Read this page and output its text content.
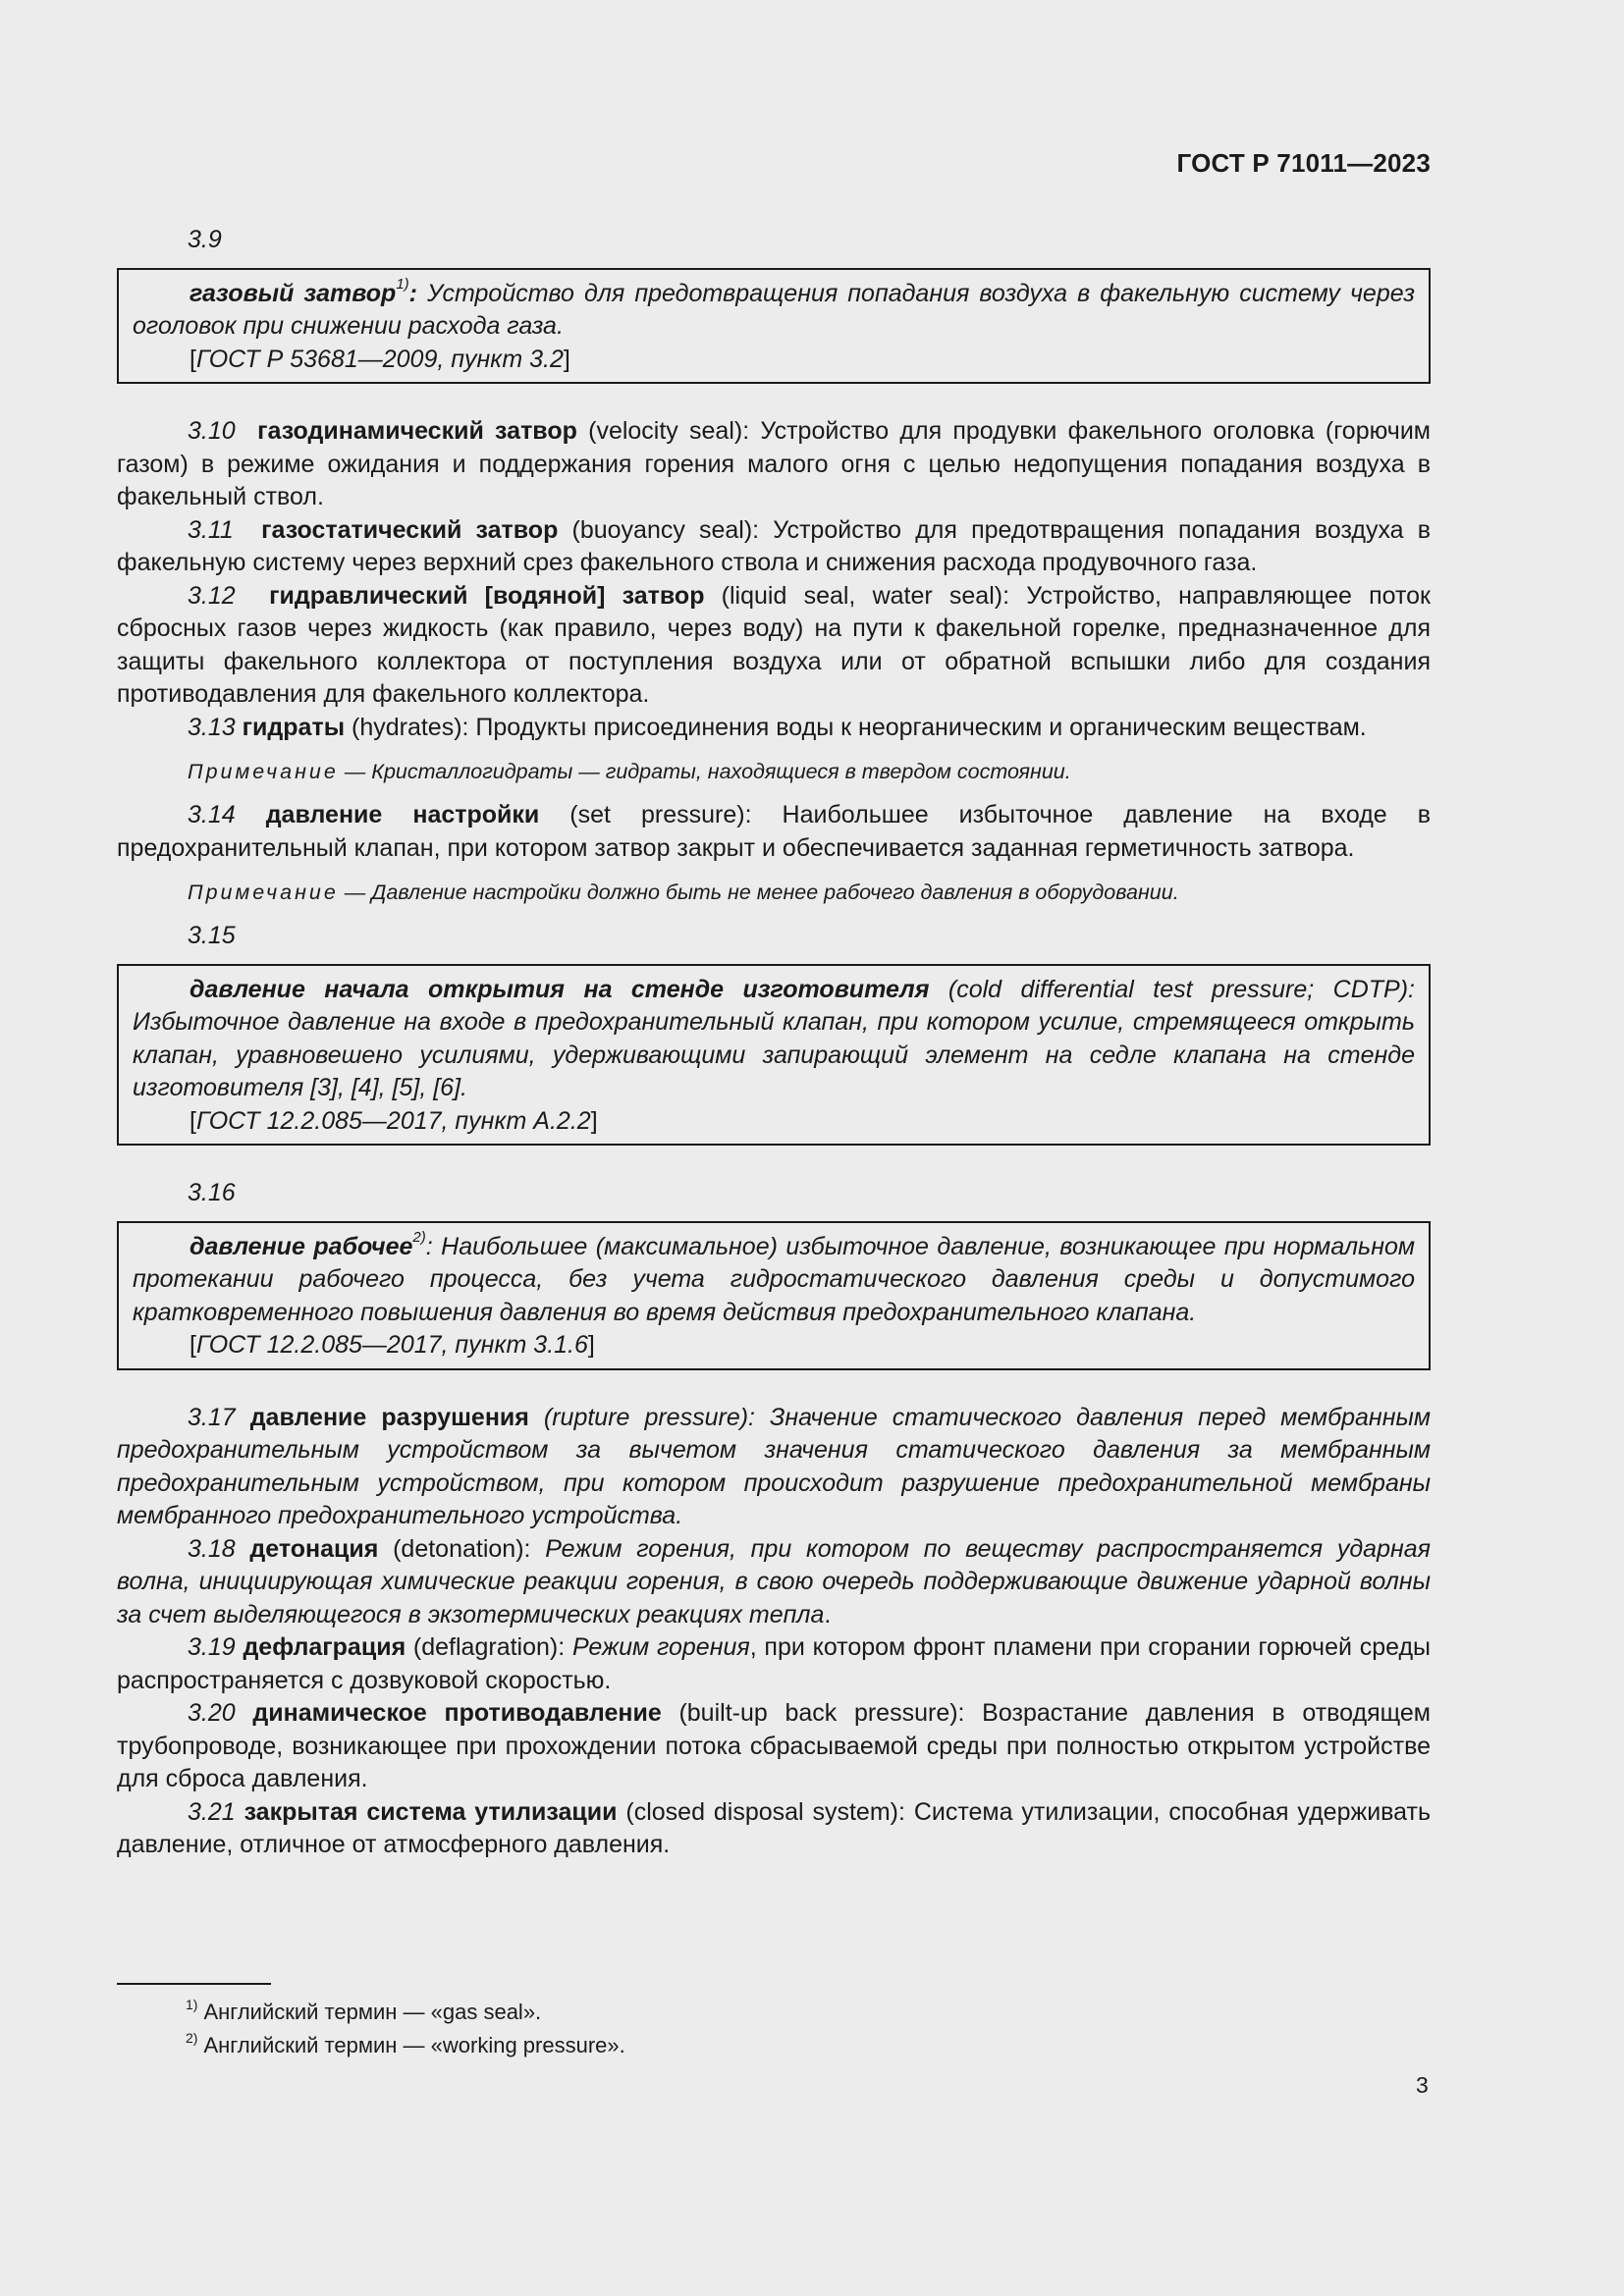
ГОСТ Р 71011—2023
3.9

газовый затвор$^{1)}$: Устройство для предотвращения попадания воздуха в факельную систему через оголовок при снижении расхода газа.

[ГОСТ Р 53681—2009, пункт 3.2]

3.10 газодинамический затвор (velocity seal): Устройство для продувки факельного оголовка (горючим газом) в режиме ожидания и поддержания горения малого огня с целью недопущения попадания воздуха в факельный ствол.

3.11 газостатический затвор (buoyancy seal): Устройство для предотвращения попадания воздуха в факельную систему через верхний срез факельного ствола и снижения расхода продувочного газа.

3.12 гидравлический [водяной] затвор (liquid seal, water seal): Устройство, направляющее поток сбросных газов через жидкость (как правило, через воду) на пути к факельной горелке, предназначенное для защиты факельного коллектора от поступления воздуха или от обратной вспышки либо для создания противодавления для факельного коллектора.

3.13 гидраты (hydrates): Продукты присоединения воды к неорганическим и органическим веществам.

Примечание — Кристаллогидраты — гидраты, находящиеся в твердом состоянии.

3.14 давление настройки (set pressure): Наибольшее избыточное давление на входе в предохранительный клапан, при котором затвор закрыт и обеспечивается заданная герметичность затвора.

Примечание — Давление настройки должно быть не менее рабочего давления в оборудовании.
3.15

давление начала открытия на стенде изготовителя (cold differential test pressure; CDTP): Избыточное давление на входе в предохранительный клапан, при котором усилие, стремящееся открыть клапан, уравновешено усилиями, удерживающими запирающий элемент на седле клапана на стенде изготовителя [3], [4], [5], [6].

[ГОСТ 12.2.085—2017, пункт А.2.2]

3.16

давление рабочее$^{2)}$: Наибольшее (максимальное) избыточное давление, возникающее при нормальном протекании рабочего процесса, без учета гидростатического давления среды и допустимого кратковременного повышения давления во время действия предохранительного клапана.

[ГОСТ 12.2.085—2017, пункт 3.1.6]

3.17 давление разрушения (rupture pressure): Значение статического давления перед мембранным предохранительным устройством за вычетом значения статического давления за мембранным предохранительным устройством, при котором происходит разрушение предохранительной мембраны мембранного предохранительного устройства.

3.18 детонация (detonation): Режим горения, при котором по веществу распространяется ударная волна, инициирующая химические реакции горения, в свою очередь поддерживающие движение ударной волны за счет выделяющегося в экзотермических реакциях тепла.

3.19 дефлаграция (deflagration): Режим горения, при котором фронт пламени при сгорании горючей среды распространяется с дозвуковой скоростью.

3.20 динамическое противодавление (built-up back pressure): Возрастание давления в отводящем трубопроводе, возникающее при прохождении потока сбрасываемой среды при полностью открытом устройстве для сброса давления.

3.21 закрытая система утилизации (closed disposal system): Система утилизации, способная удерживать давление, отличное от атмосферного давления.

$^{1)}$ Английский термин — «gas seal».
$^{2)}$ Английский термин — «working pressure».
3
